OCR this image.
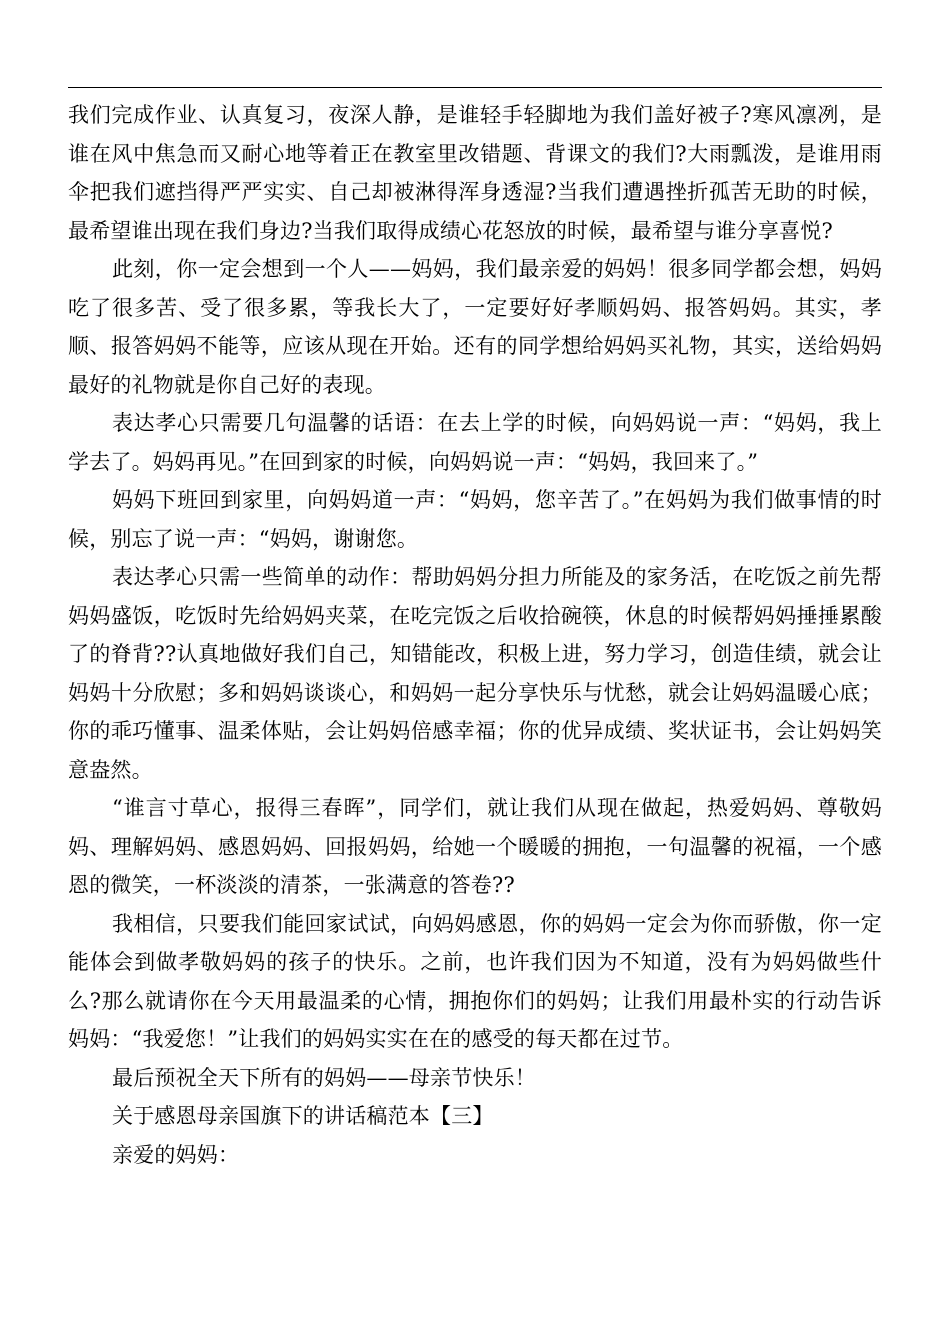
我们完成作业、认真复习，夜深人静，是谁轻手轻脚地为我们盖好被子?寒风凛冽，是谁在风中焦急而又耐心地等着正在教室里改错题、背课文的我们?大雨瓢泼，是谁用雨伞把我们遮挡得严严实实、自己却被淋得浑身透湿?当我们遭遇挫折孤苦无助的时候，最希望谁出现在我们身边?当我们取得成绩心花怒放的时候，最希望与谁分享喜悦?

此刻，你一定会想到一个人——妈妈，我们最亲爱的妈妈！很多同学都会想，妈妈吃了很多苦、受了很多累，等我长大了，一定要好好孝顺妈妈、报答妈妈。其实，孝顺、报答妈妈不能等，应该从现在开始。还有的同学想给妈妈买礼物，其实，送给妈妈最好的礼物就是你自己好的表现。

表达孝心只需要几句温馨的话语：在去上学的时候，向妈妈说一声：“妈妈，我上学去了。妈妈再见。”在回到家的时候，向妈妈说一声：“妈妈，我回来了。”

妈妈下班回到家里，向妈妈道一声：“妈妈，您辛苦了。”在妈妈为我们做事情的时候，别忘了说一声：“妈妈，谢谢您。

表达孝心只需一些简单的动作：帮助妈妈分担力所能及的家务活，在吃饭之前先帮妈妈盛饭，吃饭时先给妈妈夹菜，在吃完饭之后收拾碗筷，休息的时候帮妈妈捶捶累酸了的脊背??认真地做好我们自己，知错能改，积极上进，努力学习，创造佳绩，就会让妈妈十分欣慰；多和妈妈谈谈心，和妈妈一起分享快乐与忧愁，就会让妈妈温暖心底；你的乖巧懂事、温柔体贴，会让妈妈倍感幸福；你的优异成绩、奖状证书，会让妈妈笑意盎然。

“谁言寸草心，报得三春晖”，同学们，就让我们从现在做起，热爱妈妈、尊敬妈妈、理解妈妈、感恩妈妈、回报妈妈，给她一个暖暖的拥抱，一句温馨的祝福，一个感恩的微笑，一杯淡淡的清茶，一张满意的答卷??

我相信，只要我们能回家试试，向妈妈感恩，你的妈妈一定会为你而骄傲，你一定能体会到做孝敬妈妈的孩子的快乐。之前，也许我们因为不知道，没有为妈妈做些什么?那么就请你在今天用最温柔的心情，拥抱你们的妈妈；让我们用最朴实的行动告诉妈妈：“我爱您！”让我们的妈妈实实在在的感受的每天都在过节。

最后预祝全天下所有的妈妈——母亲节快乐！

关于感恩母亲国旗下的讲话稿范本【三】

亲爱的妈妈：
